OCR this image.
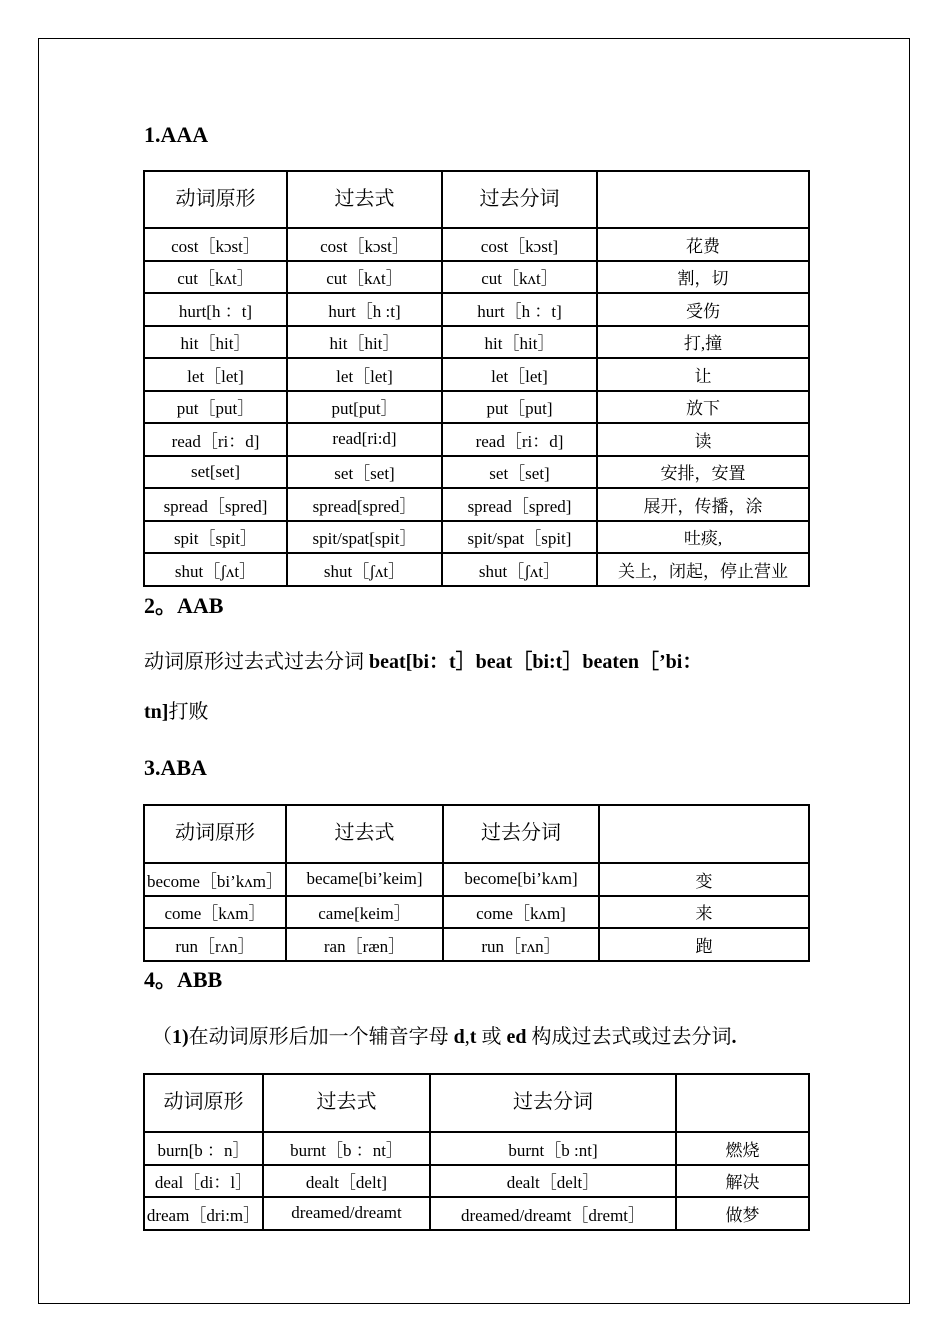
1.AAA
动词原形	过去式	过去分词	
cost［kɔst］	cost［kɔst］	cost［kɔst]	花费
cut［kʌt］	cut［kʌt］	cut［kʌt］	割，切
hurt[h ：t]	hurt［h :t]	hurt［h ：t]	受伤
hit［hit］	hit［hit］	hit［hit］	打,撞
let［let]	let［let]	let［let]	让
put［put］	put[put］	put［put]	放下
read［ri：d]	read[ri:d]	read［ri：d]	读
set[set]	set［set]	set［set]	安排，安置
spread［spred]	spread[spred］	spread［spred]	展开，传播，涂
spit［spit］	spit/spat[spit］	spit/spat［spit]	吐痰,
shut［ʃʌt］	shut［ʃʌt］	shut［ʃʌt］	关上，闭起，停止营业
2。AAB
动词原形过去式过去分词 beat[bi：t］beat［bi:t］beaten［’bi：
tn]打败
3.ABA
动词原形	过去式	过去分词	
become［bi’kʌm］	became[bi’keim]	become[bi’kʌm]	变
come［kʌm］	came[keim］	come［kʌm]	来
run［rʌn］	ran［ræn］	run［rʌn］	跑
4。ABB
（1)在动词原形后加一个辅音字母 d,t 或 ed 构成过去式或过去分词.
动词原形	过去式	过去分词	
burn[b ：n］	burnt［b ：nt］	burnt［b :nt]	燃烧
deal［di：l］	dealt［delt]	dealt［delt］	解决
dream［dri:m］	dreamed/dreamt	dreamed/dreamt［dremt］	做梦
